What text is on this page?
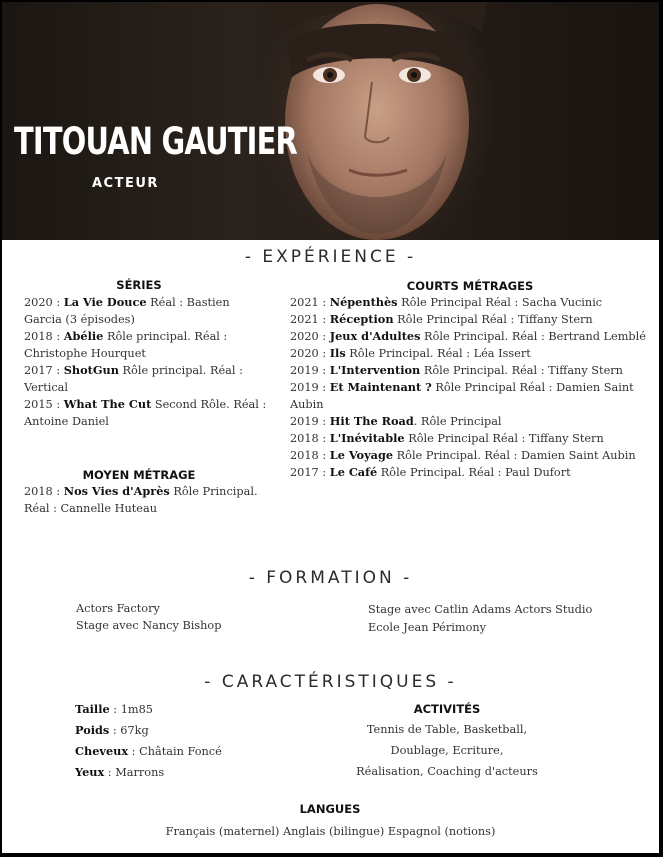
TITOUAN GAUTIER
ACTEUR
- EXPÉRIENCE -
SÉRIES
2020 : La Vie Douce Réal : Bastien
Garcia (3 épisodes)
2018 : Abélie Rôle principal. Réal :
Christophe Hourquet
2017 : ShotGun Rôle principal. Réal :
Vertical
2015 : What The Cut Second Rôle. Réal :
Antoine Daniel
MOYEN MÉTRAGE
2018 : Nos Vies d'Après Rôle Principal.
Réal : Cannelle Huteau
COURTS MÉTRAGES
2021 : Népenthès Rôle Principal Réal : Sacha Vucinic
2021 : Réception Rôle Principal Réal : Tiffany Stern
2020 : Jeux d'Adultes Rôle Principal. Réal : Bertrand Lemblé
2020 : Ils Rôle Principal. Réal : Léa Issert
2019 : L'Intervention Rôle Principal. Réal : Tiffany Stern
2019 : Et Maintenant ? Rôle Principal Réal : Damien Saint
Aubin
2019 : Hit The Road. Rôle Principal
2018 : L'Inévitable Rôle Principal Réal : Tiffany Stern
2018 : Le Voyage Rôle Principal. Réal : Damien Saint Aubin
2017 : Le Café Rôle Principal. Réal : Paul Dufort
- FORMATION -
Actors Factory
Stage avec Nancy Bishop
Stage avec Catlin Adams Actors Studio
Ecole Jean Périmony
- CARACTÉRISTIQUES -
Taille : 1m85
Poids : 67kg
Cheveux : Châtain Foncé
Yeux : Marrons
ACTIVITÉS
Tennis de Table, Basketball,
Doublage, Ecriture,
Réalisation, Coaching d'acteurs
LANGUES
Français (maternel) Anglais (bilingue) Espagnol (notions)
